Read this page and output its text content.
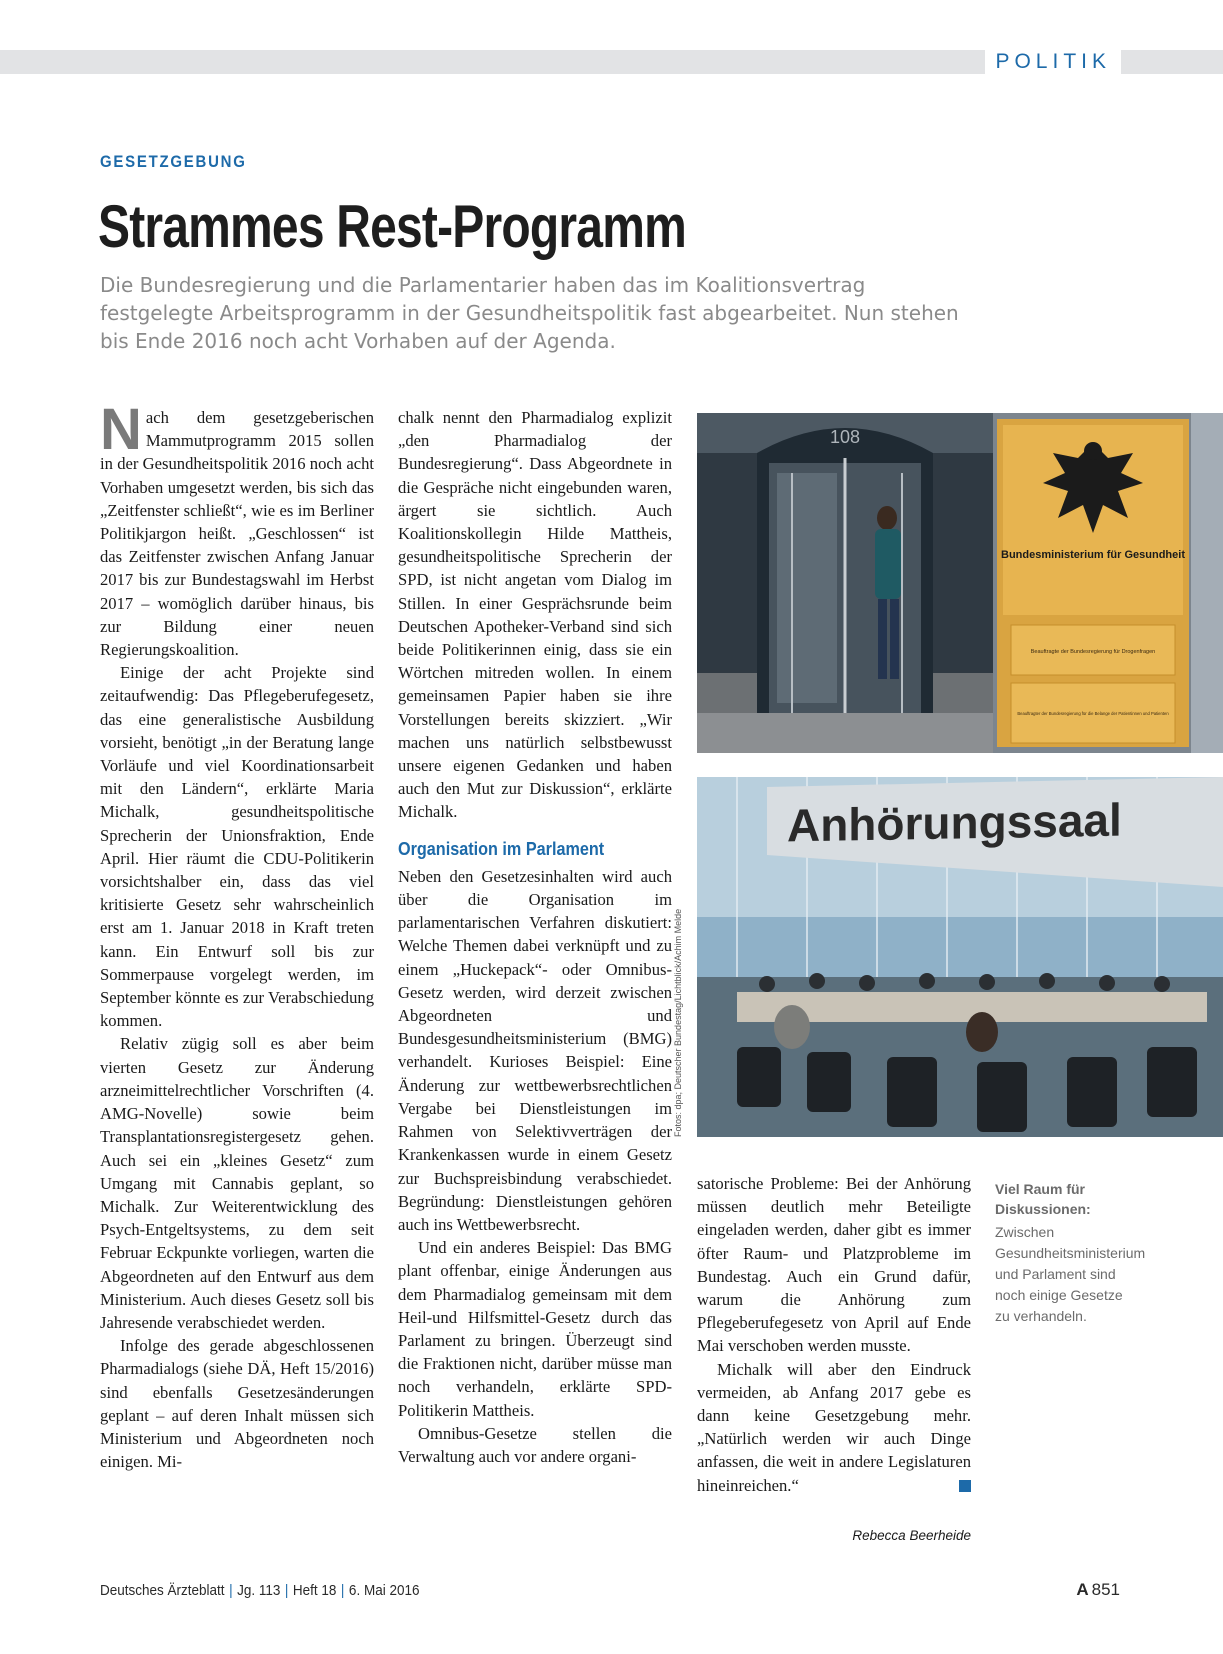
POLITIK
GESETZGEBUNG
Strammes Rest-Programm

Die Bundesregierung und die Parlamentarier haben das im Koalitionsvertrag festgelegte Arbeitsprogramm in der Gesundheitspolitik fast abgearbeitet. Nun stehen bis Ende 2016 noch acht Vorhaben auf der Agenda.

Nach dem gesetzgeberischen Mammutprogramm 2015 sollen in der Gesundheitspolitik 2016 noch acht Vorhaben umgesetzt werden, bis sich das „Zeitfenster schließt“, wie es im Berliner Politikjargon heißt. „Geschlossen“ ist das Zeitfenster zwischen Anfang Januar 2017 bis zur Bundestagswahl im Herbst 2017 – womöglich darüber hinaus, bis zur Bildung einer neuen Regierungskoalition.

Einige der acht Projekte sind zeitaufwendig: Das Pflegeberufegesetz, das eine generalistische Ausbildung vorsieht, benötigt „in der Beratung lange Vorläufe und viel Koordinationsarbeit mit den Ländern“, erklärte Maria Michalk, gesundheitspolitische Sprecherin der Unionsfraktion, Ende April. Hier räumt die CDU-Politikerin vorsichtshalber ein, dass das viel kritisierte Gesetz sehr wahrscheinlich erst am 1. Januar 2018 in Kraft treten kann. Ein Entwurf soll bis zur Sommerpause vorgelegt werden, im September könnte es zur Verabschiedung kommen.

Relativ zügig soll es aber beim vierten Gesetz zur Änderung arzneimittelrechtlicher Vorschriften (4. AMG-Novelle) sowie beim Transplantationsregistergesetz gehen. Auch sei ein „kleines Gesetz“ zum Umgang mit Cannabis geplant, so Michalk. Zur Weiterentwicklung des Psych-Entgeltsystems, zu dem seit Februar Eckpunkte vorliegen, warten die Abgeordneten auf den Entwurf aus dem Ministerium. Auch dieses Gesetz soll bis Jahresende verabschiedet werden.

Infolge des gerade abgeschlossenen Pharmadialogs (siehe DÄ, Heft 15/2016) sind ebenfalls Gesetzesänderungen geplant – auf deren Inhalt müssen sich Ministerium und Abgeordneten noch einigen. Mi-

chalk nennt den Pharmadialog explizit „den Pharmadialog der Bundesregierung“. Dass Abgeordnete in die Gespräche nicht eingebunden waren, ärgert sie sichtlich. Auch Koalitionskollegin Hilde Mattheis, gesundheitspolitische Sprecherin der SPD, ist nicht angetan vom Dialog im Stillen. In einer Gesprächsrunde beim Deutschen Apotheker-Verband sind sich beide Politikerinnen einig, dass sie ein Wörtchen mitreden wollen. In einem gemeinsamen Papier haben sie ihre Vorstellungen bereits skizziert. „Wir machen uns natürlich selbstbewusst unsere eigenen Gedanken und haben auch den Mut zur Diskussion“, erklärte Michalk.

Organisation im Parlament

Neben den Gesetzesinhalten wird auch über die Organisation im parlamentarischen Verfahren diskutiert: Welche Themen dabei verknüpft und zu einem „Huckepack“- oder Omnibus-Gesetz werden, wird derzeit zwischen Abgeordneten und Bundesgesundheitsministerium (BMG) verhandelt. Kurioses Beispiel: Eine Änderung zur wettbewerbsrechtlichen Vergabe bei Dienstleistungen im Rahmen von Selektivverträgen der Krankenkassen wurde in einem Gesetz zur Buchspreisbindung verabschiedet. Begründung: Dienstleistungen gehören auch ins Wettbewerbsrecht.

Und ein anderes Beispiel: Das BMG plant offenbar, einige Änderungen aus dem Pharmadialog gemeinsam mit dem Heil-und Hilfsmittel-Gesetz durch das Parlament zu bringen. Überzeugt sind die Fraktionen nicht, darüber müsse man noch verhandeln, erklärte SPD-Politikerin Mattheis.

Omnibus-Gesetze stellen die Verwaltung auch vor andere organi-

108
Bundesministerium für Gesundheit
Beauftragte der Bundesregierung für Drogenfragen
Beauftragter der Bundesregierung für die Belange der Patientinnen und Patienten
Anhörungssaal
Fotos: dpa; Deutscher Bundestag/Lichtblick/Achim Melde

satorische Probleme: Bei der Anhörung müssen deutlich mehr Beteiligte eingeladen werden, daher gibt es immer öfter Raum- und Platzprobleme im Bundestag. Auch ein Grund dafür, warum die Anhörung zum Pflegeberufegesetz von April auf Ende Mai verschoben werden musste.

Michalk will aber den Eindruck vermeiden, ab Anfang 2017 gebe es dann keine Gesetzgebung mehr. „Natürlich werden wir auch Dinge anfassen, die weit in andere Legislaturen hineinreichen.“

Rebecca Beerheide

Viel Raum für Diskussionen:

Zwischen Gesundheitsministerium und Parlament sind noch einige Gesetze zu verhandeln.

Deutsches Ärzteblatt | Jg. 113 | Heft 18 | 6. Mai 2016	A 851
